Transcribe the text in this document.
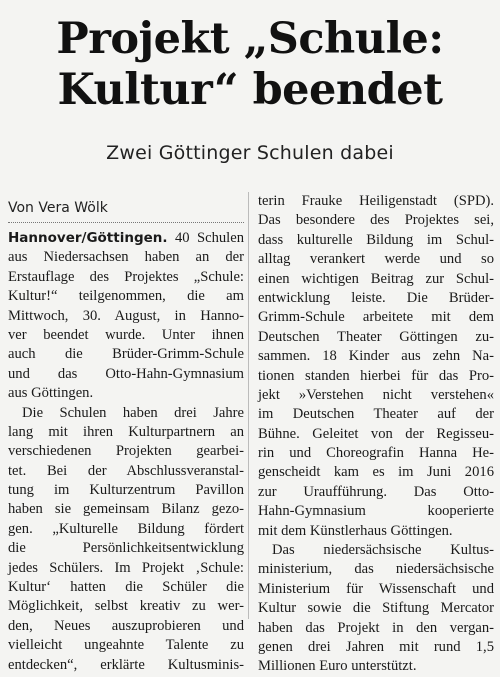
Projekt „Schule:
Kultur“ beendet
Zwei Göttinger Schulen dabei
Von Vera Wölk
Hannover/Göttingen. 40 Schulen
aus Niedersachsen haben an der
Erstauflage des Projektes „Schule:
Kultur!“ teilgenommen, die am
Mittwoch, 30. August, in Hanno-
ver beendet wurde. Unter ihnen
auch die Brüder-Grimm-Schule
und das Otto-Hahn-Gymnasium
aus Göttingen.
Die Schulen haben drei Jahre
lang mit ihren Kulturpartnern an
verschiedenen Projekten gearbei-
tet. Bei der Abschlussveranstal-
tung im Kulturzentrum Pavillon
haben sie gemeinsam Bilanz gezo-
gen. „Kulturelle Bildung fördert
die Persönlichkeitsentwicklung
jedes Schülers. Im Projekt ‚Schule:
Kultur‘ hatten die Schüler die
Möglichkeit, selbst kreativ zu wer-
den, Neues auszuprobieren und
vielleicht ungeahnte Talente zu
entdecken“, erklärte Kultusminis-
terin Frauke Heiligenstadt (SPD).
Das besondere des Projektes sei,
dass kulturelle Bildung im Schul-
alltag verankert werde und so
einen wichtigen Beitrag zur Schul-
entwicklung leiste. Die Brüder-
Grimm-Schule arbeitete mit dem
Deutschen Theater Göttingen zu-
sammen. 18 Kinder aus zehn Na-
tionen standen hierbei für das Pro-
jekt »Verstehen nicht verstehen«
im Deutschen Theater auf der
Bühne. Geleitet von der Regisseu-
rin und Choreografin Hanna He-
genscheidt kam es im Juni 2016
zur Uraufführung. Das Otto-
Hahn-Gymnasium kooperierte
mit dem Künstlerhaus Göttingen.
Das niedersächsische Kultus-
ministerium, das niedersächsische
Ministerium für Wissenschaft und
Kultur sowie die Stiftung Mercator
haben das Projekt in den vergan-
genen drei Jahren mit rund 1,5
Millionen Euro unterstützt.
